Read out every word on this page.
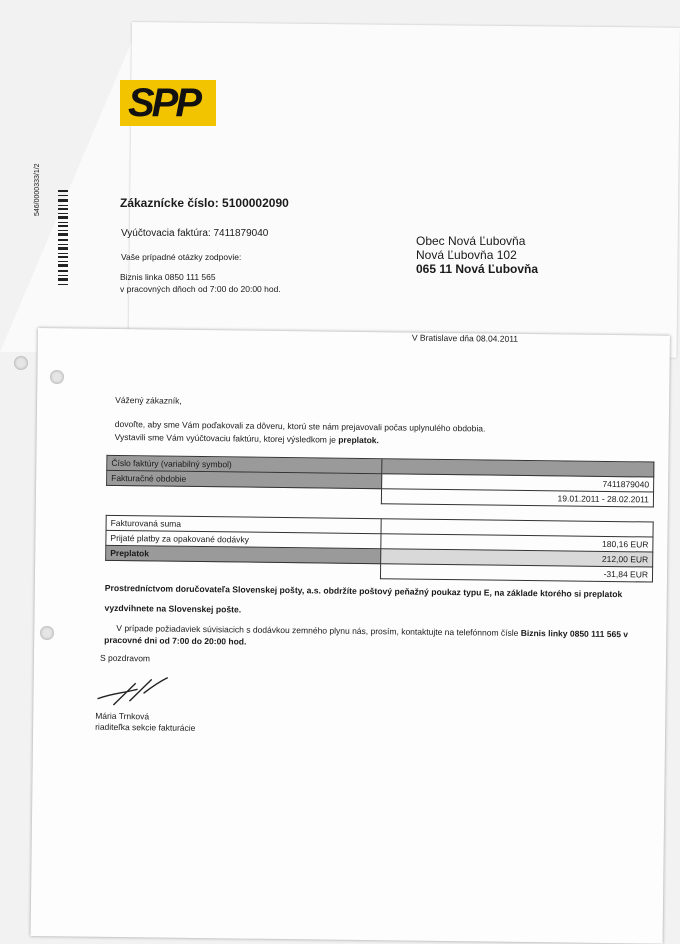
SPP
546/0000333/1/2	Zákaznícke číslo: 5100002090
Vyúčtovacia faktúra: 7411879040
Vaše prípadné otázky zodpovie:
Biznis linka 0850 111 565
v pracovných dňoch od 7:00 do 20:00 hod.
Obec Nová Ľubovňa
Nová Ľubovňa 102
065 11 Nová Ľubovňa
V Bratislave dňa 08.04.2011
Vážený zákazník,
dovoľte, aby sme Vám poďakovali za dôveru, ktorú ste nám prejavovali počas uplynulého obdobia.
Vystavili sme Vám vyúčtovaciu faktúru, ktorej výsledkom je preplatok.
Číslo faktúry (variabilný symbol)	
Fakturačné obdobie	7411879040
	19.01.2011 - 28.02.2011
Fakturovaná suma	
Prijaté platby za opakované dodávky	180,16 EUR
Preplatok	212,00 EUR
	-31,84 EUR
Prostredníctvom doručovateľa Slovenskej pošty, a.s. obdržíte poštový peňažný poukaz typu E, na základe ktorého si preplatok
vyzdvihnete na Slovenskej pošte.
V prípade požiadaviek súvisiacich s dodávkou zemného plynu nás, prosím, kontaktujte na telefónnom čísle Biznis linky 0850 111 565 v
pracovné dni od 7:00 do 20:00 hod.
S pozdravom
Mária Trnková
riaditeľka sekcie fakturácie
